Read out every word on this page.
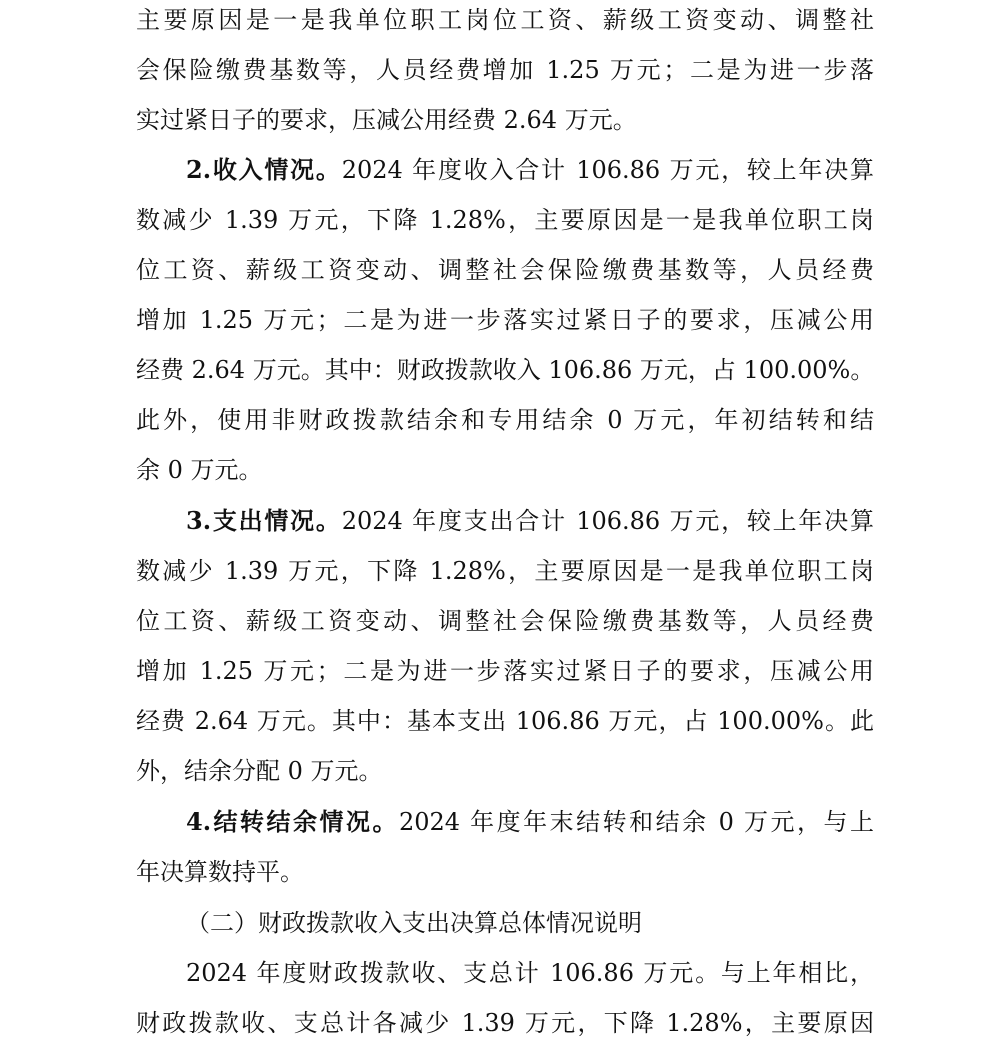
主要原因是一是我单位职工岗位工资、薪级工资变动、调整社
会保险缴费基数等，人员经费增加 1.25 万元；二是为进一步落
实过紧日子的要求，压减公用经费 2.64 万元。
2.收入情况。2024 年度收入合计 106.86 万元，较上年决算
数减少 1.39 万元，下降 1.28%，主要原因是一是我单位职工岗
位工资、薪级工资变动、调整社会保险缴费基数等，人员经费
增加 1.25 万元；二是为进一步落实过紧日子的要求，压减公用
经费 2.64 万元。其中：财政拨款收入 106.86 万元，占 100.00%。
此外，使用非财政拨款结余和专用结余 0 万元，年初结转和结
余 0 万元。
3.支出情况。2024 年度支出合计 106.86 万元，较上年决算
数减少 1.39 万元，下降 1.28%，主要原因是一是我单位职工岗
位工资、薪级工资变动、调整社会保险缴费基数等，人员经费
增加 1.25 万元；二是为进一步落实过紧日子的要求，压减公用
经费 2.64 万元。其中：基本支出 106.86 万元，占 100.00%。此
外，结余分配 0 万元。
4.结转结余情况。2024 年度年末结转和结余 0 万元，与上
年决算数持平。
（二）财政拨款收入支出决算总体情况说明
2024 年度财政拨款收、支总计 106.86 万元。与上年相比，
财政拨款收、支总计各减少 1.39 万元，下降 1.28%，主要原因
